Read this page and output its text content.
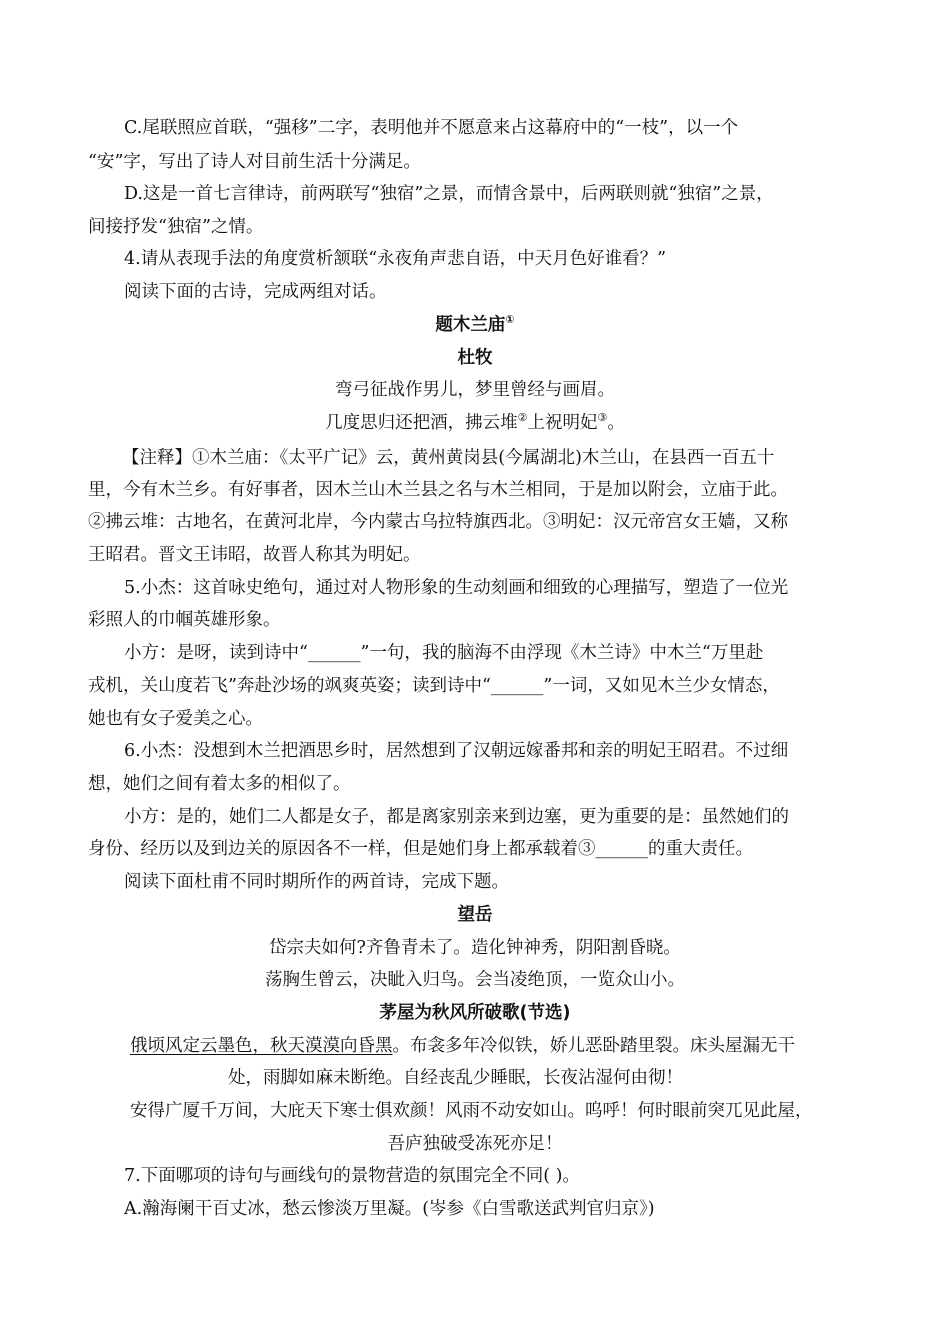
C.尾联照应首联，“强移”二字，表明他并不愿意来占这幕府中的“一枝”，以一个
“安”字，写出了诗人对目前生活十分满足。
D.这是一首七言律诗，前两联写“独宿”之景，而情含景中，后两联则就“独宿”之景，
间接抒发“独宿”之情。
4.请从表现手法的角度赏析颔联“永夜角声悲自语，中天月色好谁看？”
阅读下面的古诗，完成两组对话。
题木兰庙①
杜牧
弯弓征战作男儿，梦里曾经与画眉。
几度思归还把酒，拂云堆②上祝明妃③。
【注释】①木兰庙：《太平广记》云，黄州黄岗县(今属湖北)木兰山，在县西一百五十
里，今有木兰乡。有好事者，因木兰山木兰县之名与木兰相同，于是加以附会，立庙于此。
②拂云堆：古地名，在黄河北岸，今内蒙古乌拉特旗西北。③明妃：汉元帝宫女王嫱，又称
王昭君。晋文王讳昭，故晋人称其为明妃。
5.小杰：这首咏史绝句，通过对人物形象的生动刻画和细致的心理描写，塑造了一位光
彩照人的巾帼英雄形象。
小方：是呀，读到诗中“______”一句，我的脑海不由浮现《木兰诗》中木兰“万里赴
戎机，关山度若飞”奔赴沙场的飒爽英姿；读到诗中“______”一词，又如见木兰少女情态，
她也有女子爱美之心。
6.小杰：没想到木兰把酒思乡时，居然想到了汉朝远嫁番邦和亲的明妃王昭君。不过细
想，她们之间有着太多的相似了。
小方：是的，她们二人都是女子，都是离家别亲来到边塞，更为重要的是：虽然她们的
身份、经历以及到边关的原因各不一样，但是她们身上都承载着③______的重大责任。
阅读下面杜甫不同时期所作的两首诗，完成下题。
望岳
岱宗夫如何?齐鲁青未了。造化钟神秀，阴阳割昏晓。
荡胸生曾云，决眦入归鸟。会当凌绝顶，一览众山小。
茅屋为秋风所破歌(节选)
俄顷风定云墨色，秋天漠漠向昏黑。布衾多年冷似铁，娇儿恶卧踏里裂。床头屋漏无干
处，雨脚如麻未断绝。自经丧乱少睡眠，长夜沾湿何由彻！
安得广厦千万间，大庇天下寒士俱欢颜！风雨不动安如山。呜呼！何时眼前突兀见此屋，
吾庐独破受冻死亦足！
7.下面哪项的诗句与画线句的景物营造的氛围完全不同( )。
A.瀚海阑干百丈冰，愁云惨淡万里凝。(岑参《白雪歌送武判官归京》)
